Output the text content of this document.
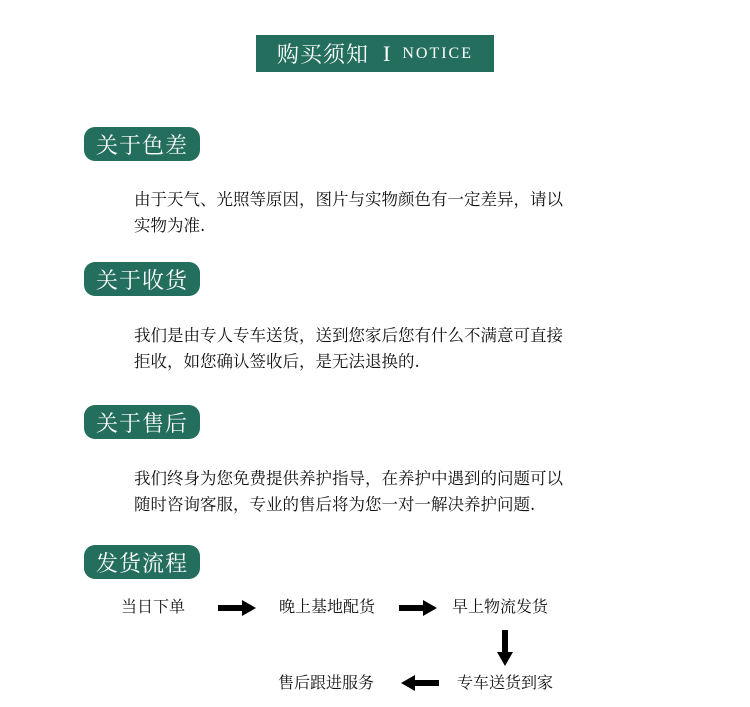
购买须知 I NOTICE
关于色差

由于天气、光照等原因，图片与实物颜色有一定差异，请以
实物为准.

关于收货

我们是由专人专车送货，送到您家后您有什么不满意可直接
拒收，如您确认签收后，是无法退换的.

关于售后

我们终身为您免费提供养护指导，在养护中遇到的问题可以
随时咨询客服，专业的售后将为您一对一解决养护问题.

发货流程
当日下单	晚上基地配货	早上物流发货
专车送货到家
售后跟进服务
